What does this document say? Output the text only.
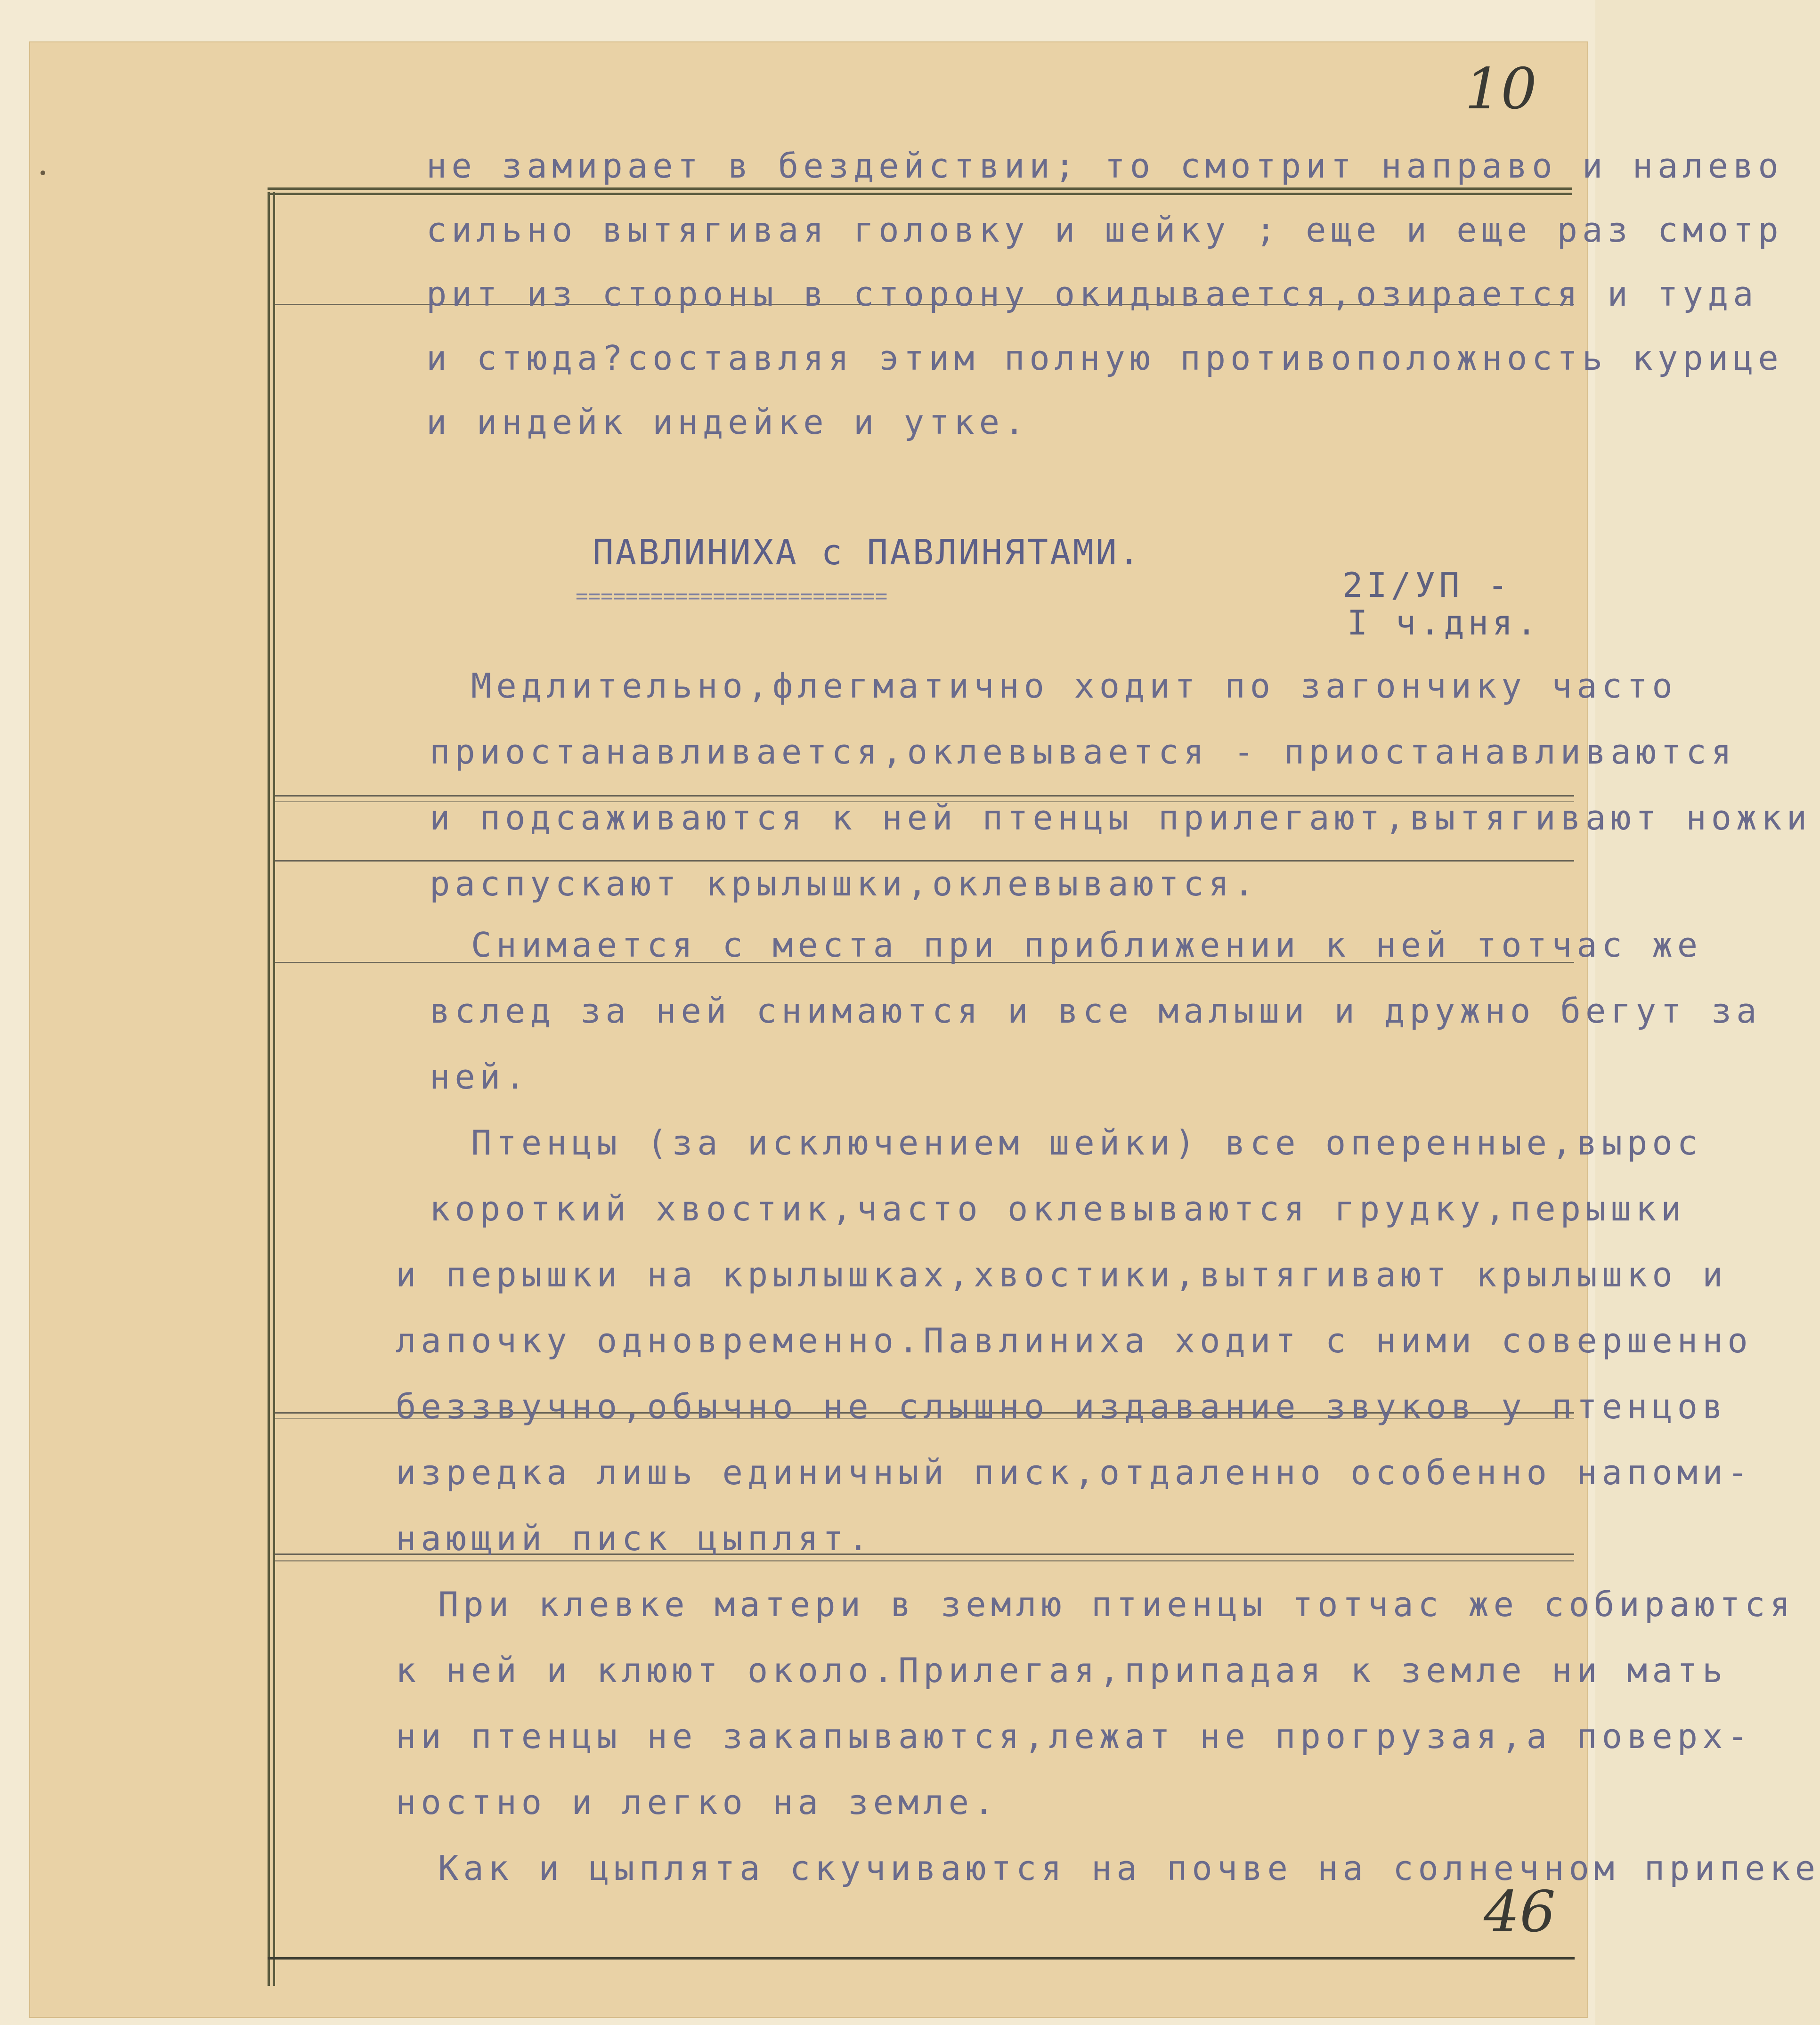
10
46
не замирает в бездействии; то смотрит направо и налево
сильно вытягивая головку и шейку ; еще и еще раз смотр
рит из стороны в сторону окидывается,озирается и туда
и стюда?составляя этим полную противоположность курице
и индейк индейке и утке.
ПАВЛИНИХА с ПАВЛИНЯТАМИ.
=========================	2I/УП -
I ч.дня.
Медлительно,флегматично ходит по загончику часто
приостанавливается,оклевывается - приостанавливаются
и подсаживаются к ней птенцы прилегают,вытягивают ножки
распускают крылышки,оклевываются.
Снимается с места при приближении к ней тотчас же
вслед за ней снимаются и все малыши и дружно бегут за
ней.
Птенцы (за исключением шейки) все оперенные,вырос
короткий хвостик,часто оклевываются грудку,перышки
и перышки на крылышках,хвостики,вытягивают крылышко и
лапочку одновременно.Павлиниха ходит с ними совершенно
беззвучно,обычно не слышно издавание звуков у птенцов
изредка лишь единичный писк,отдаленно особенно напоми-
нающий писк цыплят.
При клевке матери в землю птиенцы тотчас же собираются
к ней и клюют около.Прилегая,припадая к земле ни мать
ни птенцы не закапываются,лежат не прогрузая,а поверх-
ностно и легко на земле.
Как и цыплята скучиваются на почве на солнечном припеке
